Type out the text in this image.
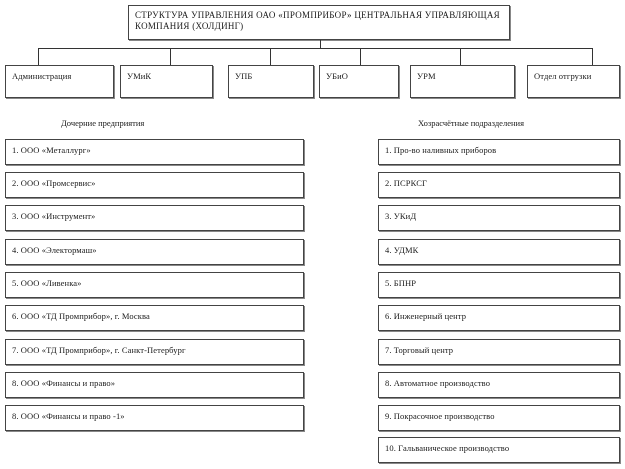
СТРУКТУРА УПРАВЛЕНИЯ ОАО «ПРОМПРИБОР» ЦЕНТРАЛЬНАЯ УПРАВЛЯЮЩАЯ КОМПАНИЯ (ХОЛДИНГ)
Администрация	УМиК	УПБ	УБиО	УРМ	Отдел отгрузки
Дочерние предприятия	Хозрасчётные подразделения
1. ООО «Металлург»
2. ООО «Промсервис»
3. ООО «Инструмент»
4. ООО «Электормаш»
5. ООО «Ливенка»
6. ООО «ТД Промприбор», г. Москва
7. ООО «ТД Промприбор», г. Санкт-Петербург
8. ООО «Финансы и право»
8. ООО «Финансы и право -1»
1. Про-во наливных приборов
2. ПСРКСГ
3. УКиД
4. УДМК
5. БПНР
6. Инженерный центр
7. Торговый центр
8. Автоматное производство
9. Покрасочное производство
10. Гальваническое производство
